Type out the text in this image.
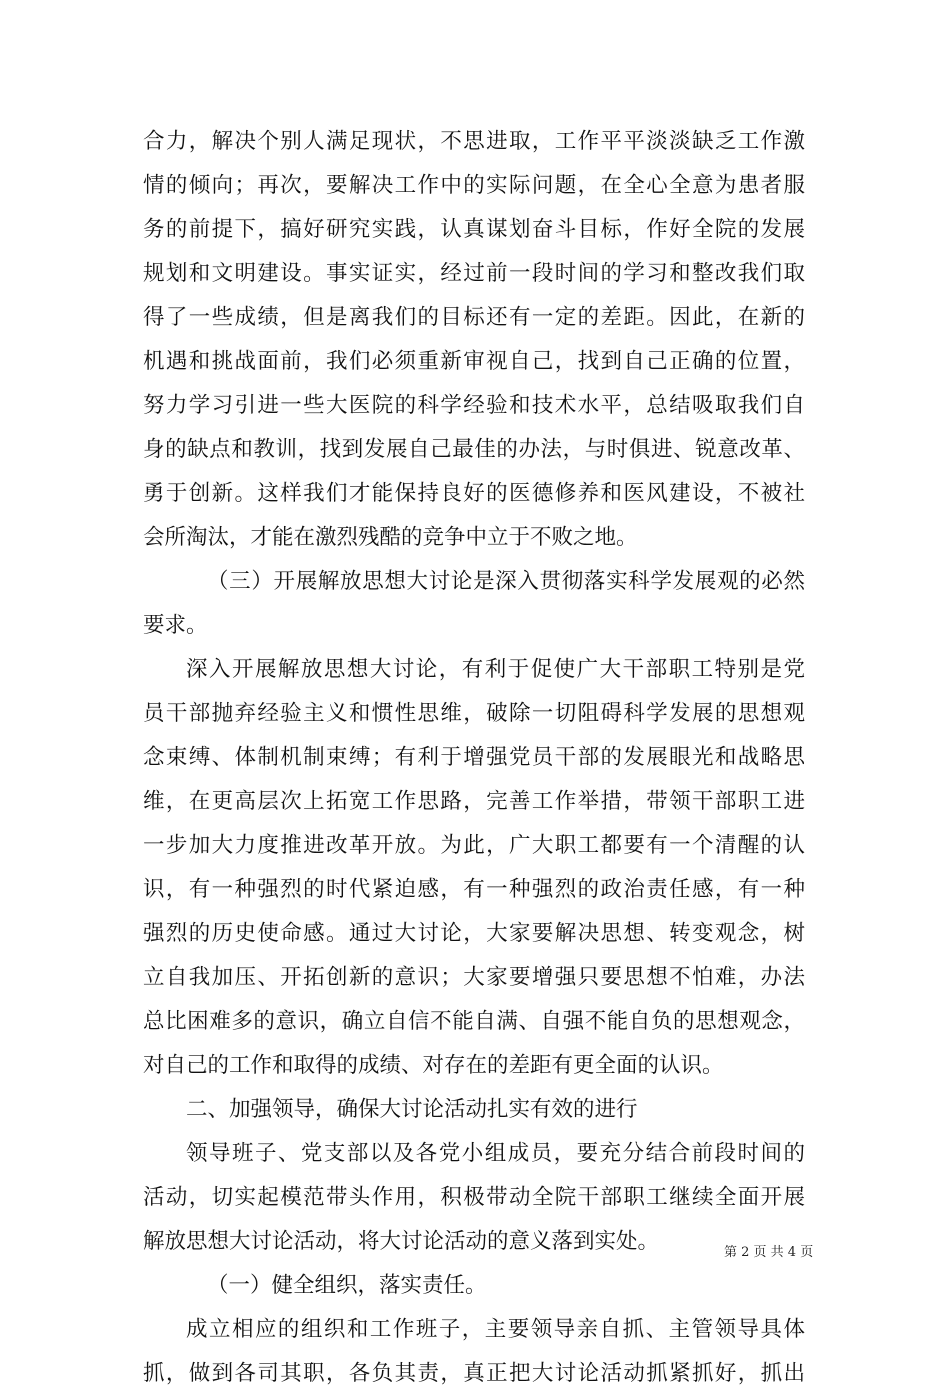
合力，解决个别人满足现状，不思进取，工作平平淡淡缺乏工作激
情的倾向；再次，要解决工作中的实际问题，在全心全意为患者服
务的前提下，搞好研究实践，认真谋划奋斗目标，作好全院的发展
规划和文明建设。事实证实，经过前一段时间的学习和整改我们取
得了一些成绩，但是离我们的目标还有一定的差距。因此，在新的
机遇和挑战面前，我们必须重新审视自己，找到自己正确的位置，
努力学习引进一些大医院的科学经验和技术水平，总结吸取我们自
身的缺点和教训，找到发展自己最佳的办法，与时俱进、锐意改革、
勇于创新。这样我们才能保持良好的医德修养和医风建设，不被社
会所淘汰，才能在激烈残酷的竞争中立于不败之地。
（三）开展解放思想大讨论是深入贯彻落实科学发展观的必然
要求。
深入开展解放思想大讨论，有利于促使广大干部职工特别是党
员干部抛弃经验主义和惯性思维，破除一切阻碍科学发展的思想观
念束缚、体制机制束缚；有利于增强党员干部的发展眼光和战略思
维，在更高层次上拓宽工作思路，完善工作举措，带领干部职工进
一步加大力度推进改革开放。为此，广大职工都要有一个清醒的认
识，有一种强烈的时代紧迫感，有一种强烈的政治责任感，有一种
强烈的历史使命感。通过大讨论，大家要解决思想、转变观念，树
立自我加压、开拓创新的意识；大家要增强只要思想不怕难，办法
总比困难多的意识，确立自信不能自满、自强不能自负的思想观念，
对自己的工作和取得的成绩、对存在的差距有更全面的认识。
二、加强领导，确保大讨论活动扎实有效的进行
领导班子、党支部以及各党小组成员，要充分结合前段时间的
活动，切实起模范带头作用，积极带动全院干部职工继续全面开展
解放思想大讨论活动，将大讨论活动的意义落到实处。
（一）健全组织，落实责任。
成立相应的组织和工作班子，主要领导亲自抓、主管领导具体
抓，做到各司其职，各负其责，真正把大讨论活动抓紧抓好，抓出
第 2 页 共 4 页
